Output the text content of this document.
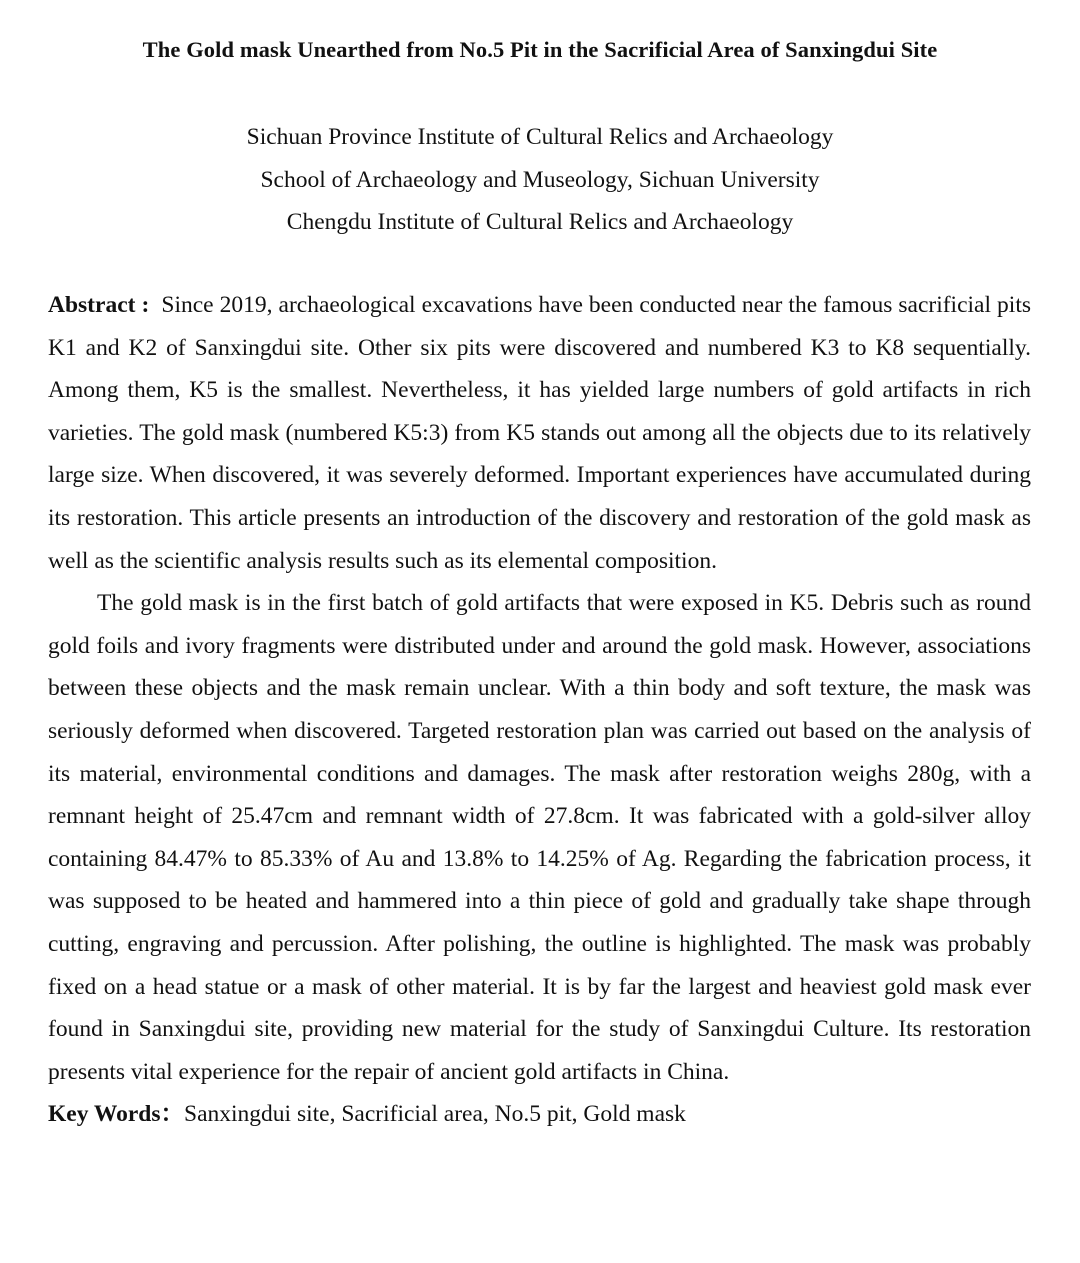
The Gold mask Unearthed from No.5 Pit in the Sacrificial Area of Sanxingdui Site
Sichuan Province Institute of Cultural Relics and Archaeology
School of Archaeology and Museology, Sichuan University
Chengdu Institute of Cultural Relics and Archaeology

Abstract : Since 2019, archaeological excavations have been conducted near the famous sacrificial pits K1 and K2 of Sanxingdui site. Other six pits were discovered and numbered K3 to K8 sequentially. Among them, K5 is the smallest. Nevertheless, it has yielded large numbers of gold artifacts in rich varieties. The gold mask (numbered K5:3) from K5 stands out among all the objects due to its relatively large size. When discovered, it was severely deformed. Important experiences have accumulated during its restoration. This article presents an introduction of the discovery and restoration of the gold mask as well as the scientific analysis results such as its elemental composition.

The gold mask is in the first batch of gold artifacts that were exposed in K5. Debris such as round gold foils and ivory fragments were distributed under and around the gold mask. However, associations between these objects and the mask remain unclear. With a thin body and soft texture, the mask was seriously deformed when discovered. Targeted restoration plan was carried out based on the analysis of its material, environmental conditions and damages. The mask after restoration weighs 280g, with a remnant height of 25.47cm and remnant width of 27.8cm. It was fabricated with a gold-silver alloy containing 84.47% to 85.33% of Au and 13.8% to 14.25% of Ag. Regarding the fabrication process, it was supposed to be heated and hammered into a thin piece of gold and gradually take shape through cutting, engraving and percussion. After polishing, the outline is highlighted. The mask was probably fixed on a head statue or a mask of other material. It is by far the largest and heaviest gold mask ever found in Sanxingdui site, providing new material for the study of Sanxingdui Culture. Its restoration presents vital experience for the repair of ancient gold artifacts in China.

Key Words：Sanxingdui site, Sacrificial area, No.5 pit, Gold mask
